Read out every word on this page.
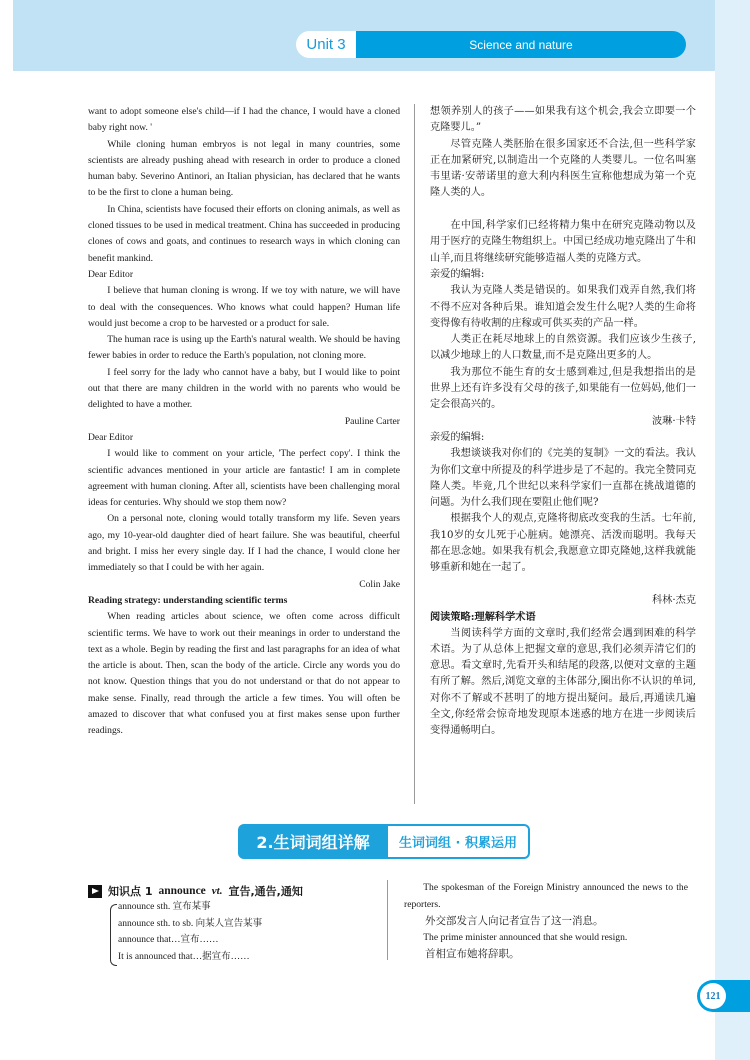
Unit 3	Science and nature

want to adopt someone else's child—if I had the chance, I would have a cloned baby right now. '

While cloning human embryos is not legal in many countries, some scientists are already pushing ahead with research in order to produce a cloned human baby. Severino Antinori, an Italian physician, has declared that he wants to be the first to clone a human being.

In China, scientists have focused their efforts on cloning animals, as well as cloned tissues to be used in medical treatment. China has succeeded in producing clones of cows and goats, and continues to research ways in which cloning can benefit mankind.

Dear Editor

I believe that human cloning is wrong. If we toy with nature, we will have to deal with the consequences. Who knows what could happen? Human life would just become a crop to be harvested or a product for sale.

The human race is using up the Earth's natural wealth. We should be having fewer babies in order to reduce the Earth's population, not cloning more.

I feel sorry for the lady who cannot have a baby, but I would like to point out that there are many children in the world with no parents who would be delighted to have a mother.

Pauline Carter

Dear Editor

I would like to comment on your article, 'The perfect copy'. I think the scientific advances mentioned in your article are fantastic! I am in complete agreement with human cloning. After all, scientists have been challenging moral ideas for centuries. Why should we stop them now?

On a personal note, cloning would totally transform my life. Seven years ago, my 10-year-old daughter died of heart failure. She was beautiful, cheerful and bright. I miss her every single day. If I had the chance, I would clone her immediately so that I could be with her again.

Colin Jake

Reading strategy: understanding scientific terms

When reading articles about science, we often come across difficult scientific terms. We have to work out their meanings in order to understand the text as a whole. Begin by reading the first and last paragraphs for an idea of what the article is about. Then, scan the body of the article. Circle any words you do not know. Question things that you do not understand or that do not appear to make sense. Finally, read through the article a few times. You will often be amazed to discover that what confused you at first makes sense upon further readings.

想领养别人的孩子——如果我有这个机会,我会立即要一个克隆婴儿。”

尽管克隆人类胚胎在很多国家还不合法,但一些科学家正在加紧研究,以制造出一个克隆的人类婴儿。一位名叫塞韦里诺·安蒂诺里的意大利内科医生宣称他想成为第一个克隆人类的人。

在中国,科学家们已经将精力集中在研究克隆动物以及用于医疗的克隆生物组织上。中国已经成功地克隆出了牛和山羊,而且将继续研究能够造福人类的克隆方式。

亲爱的编辑:

我认为克隆人类是错误的。如果我们戏弄自然,我们将不得不应对各种后果。谁知道会发生什么呢?人类的生命将变得像有待收割的庄稼或可供买卖的产品一样。

人类正在耗尽地球上的自然资源。我们应该少生孩子,以减少地球上的人口数量,而不是克隆出更多的人。

我为那位不能生育的女士感到难过,但是我想指出的是世界上还有许多没有父母的孩子,如果能有一位妈妈,他们一定会很高兴的。

波琳·卡特

亲爱的编辑:

我想谈谈我对你们的《完美的复制》一文的看法。我认为你们文章中所提及的科学进步是了不起的。我完全赞同克隆人类。毕竟,几个世纪以来科学家们一直都在挑战道德的问题。为什么我们现在要阻止他们呢?

根据我个人的观点,克隆将彻底改变我的生活。七年前,我10岁的女儿死于心脏病。她漂亮、活泼而聪明。我每天都在思念她。如果我有机会,我愿意立即克隆她,这样我就能够重新和她在一起了。

科林·杰克

阅读策略:理解科学术语

当阅读科学方面的文章时,我们经常会遇到困难的科学术语。为了从总体上把握文章的意思,我们必须弄清它们的意思。看文章时,先看开头和结尾的段落,以便对文章的主题有所了解。然后,浏览文章的主体部分,圈出你不认识的单词,对你不了解或不甚明了的地方提出疑问。最后,再通读几遍全文,你经常会惊奇地发现原本迷惑的地方在进一步阅读后变得通畅明白。

2.生词词组详解	生词词组 · 积累运用
知识点 1 announce vt. 宣告,通告,通知
announce sth. 宣布某事
announce sth. to sb. 向某人宣告某事
announce that…宣布……
It is announced that…据宣布……

The spokesman of the Foreign Ministry announced the news to the reporters.

外交部发言人向记者宣告了这一消息。

The prime minister announced that she would resign.

首相宣布她将辞职。

121
